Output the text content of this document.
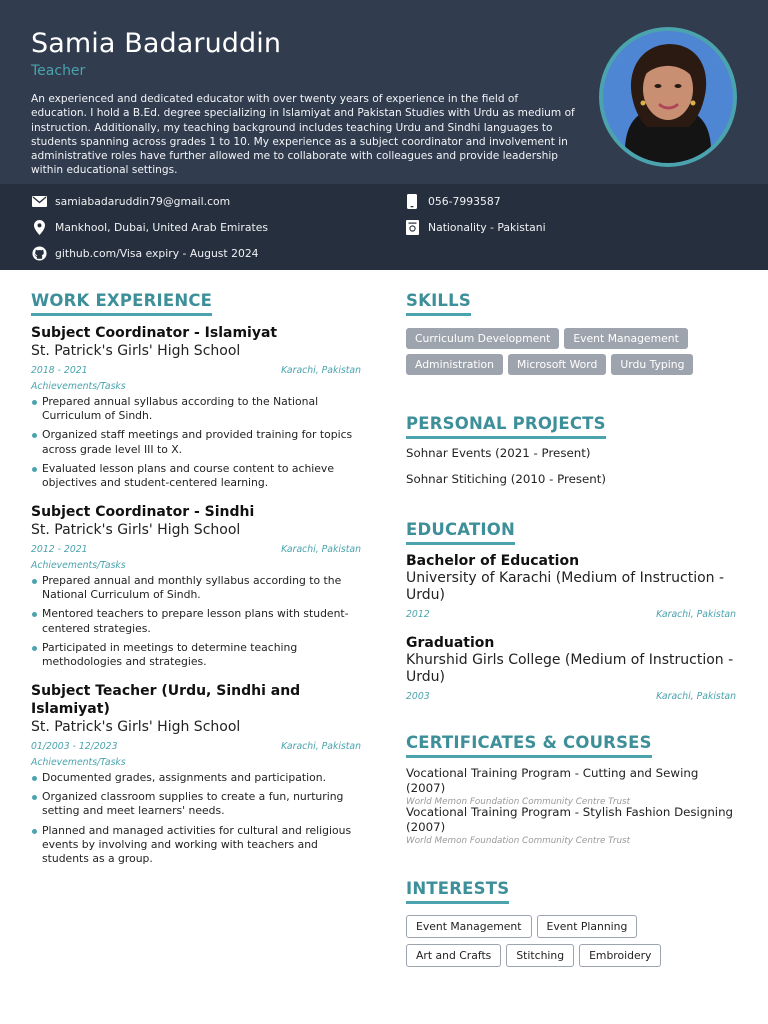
Samia Badaruddin
Teacher
An experienced and dedicated educator with over twenty years of experience in the field of education. I hold a B.Ed. degree specializing in Islamiyat and Pakistan Studies with Urdu as medium of instruction. Additionally, my teaching background includes teaching Urdu and Sindhi languages to students spanning across grades 1 to 10. My experience as a subject coordinator and involvement in administrative roles have further allowed me to collaborate with colleagues and provide leadership within educational settings.
samiabadaruddin79@gmail.com
Mankhool, Dubai, United Arab Emirates
github.com/Visa expiry - August 2024
056-7993587
Nationality - Pakistani
WORK EXPERIENCE
Subject Coordinator - Islamiyat
St. Patrick's Girls' High School
2018 - 2021	Karachi, Pakistan
Achievements/Tasks
Prepared annual syllabus according to the National Curriculum of Sindh.
Organized staff meetings and provided training for topics across grade level III to X.
Evaluated lesson plans and course content to achieve objectives and student-centered learning.
Subject Coordinator - Sindhi
St. Patrick's Girls' High School
2012 - 2021	Karachi, Pakistan
Achievements/Tasks
Prepared annual and monthly syllabus according to the National Curriculum of Sindh.
Mentored teachers to prepare lesson plans with student-centered strategies.
Participated in meetings to determine teaching methodologies and strategies.
Subject Teacher (Urdu, Sindhi and Islamiyat)
St. Patrick's Girls' High School
01/2003 - 12/2023	Karachi, Pakistan
Achievements/Tasks
Documented grades, assignments and participation.
Organized classroom supplies to create a fun, nurturing setting and meet learners' needs.
Planned and managed activities for cultural and religious events by involving and working with teachers and students as a group.
SKILLS
Curriculum Development	Event Management
Administration	Microsoft Word	Urdu Typing
PERSONAL PROJECTS
Sohnar Events (2021 - Present)
Sohnar Stitiching (2010 - Present)
EDUCATION
Bachelor of Education
University of Karachi (Medium of Instruction - Urdu)
2012	Karachi, Pakistan
Graduation
Khurshid Girls College (Medium of Instruction - Urdu)
2003	Karachi, Pakistan
CERTIFICATES & COURSES
Vocational Training Program - Cutting and Sewing (2007)
World Memon Foundation Community Centre Trust
Vocational Training Program - Stylish Fashion Designing (2007)
World Memon Foundation Community Centre Trust
INTERESTS
Event Management	Event Planning
Art and Crafts	Stitching	Embroidery
